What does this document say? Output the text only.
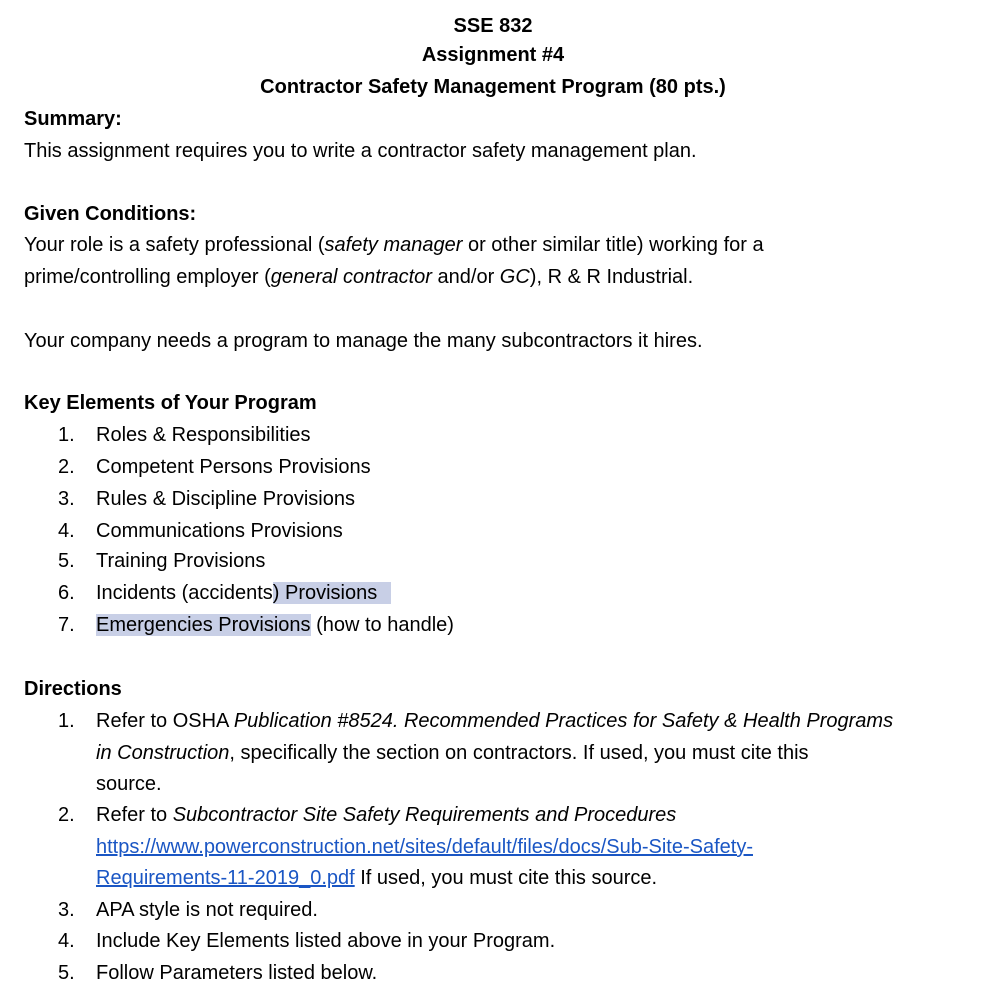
SSE 832
Assignment #4
Contractor Safety Management Program (80 pts.)
Summary:
This assignment requires you to write a contractor safety management plan.
Given Conditions:
Your role is a safety professional (safety manager or other similar title) working for a
prime/controlling employer (general contractor and/or GC), R & R Industrial.
Your company needs a program to manage the many subcontractors it hires.
Key Elements of Your Program
1. Roles & Responsibilities
2. Competent Persons Provisions
3. Rules & Discipline Provisions
4. Communications Provisions
5. Training Provisions
6. Incidents (accidents) Provisions
7. Emergencies Provisions (how to handle)
Directions
1. Refer to OSHA Publication #8524. Recommended Practices for Safety & Health Programs
in Construction, specifically the section on contractors. If used, you must cite this
source.
2. Refer to Subcontractor Site Safety Requirements and Procedures
https://www.powerconstruction.net/sites/default/files/docs/Sub-Site-Safety-
Requirements-11-2019_0.pdf If used, you must cite this source.
3. APA style is not required.
4. Include Key Elements listed above in your Program.
5. Follow Parameters listed below.
